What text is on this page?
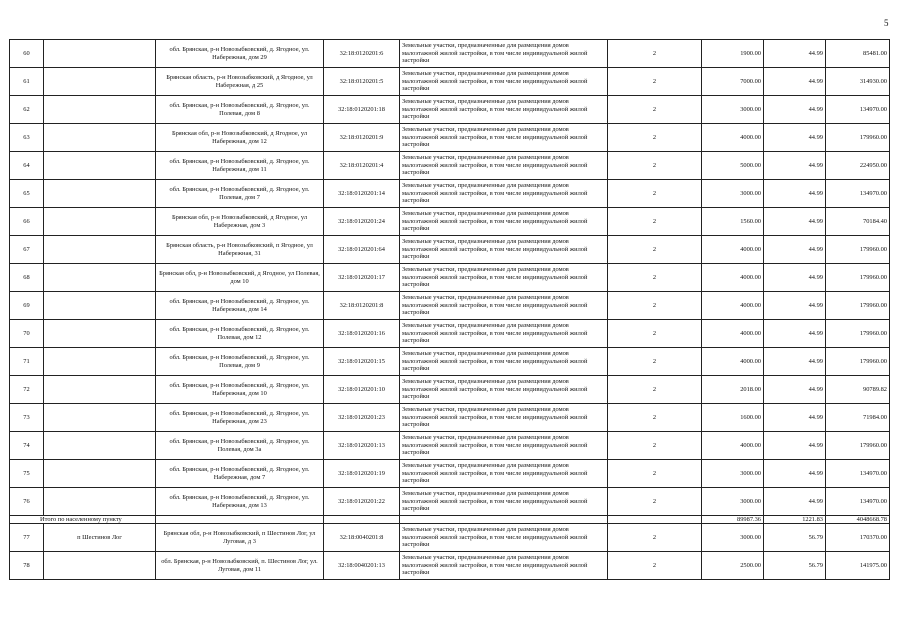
5
60		обл. Брянская, р-н Новозыбковский, д. Ягодное, ул. Набережная, дом 29	32:18:0120201:6	Земельные участки, предназначенные для размещения домов малоэтажной жилой застройки, в том числе индивидуальной жилой застройки	2	1900.00	44.99	85481.00
61		Брянская область, р-н Новозыбковский, д Ягодное, ул Набережная, д 25	32:18:0120201:5	Земельные участки, предназначенные для размещения домов малоэтажной жилой застройки, в том числе индивидуальной жилой застройки	2	7000.00	44.99	314930.00
62		обл. Брянская, р-н Новозыбковский, д. Ягодное, ул. Полевая, дом 8	32:18:0120201:18	Земельные участки, предназначенные для размещения домов малоэтажной жилой застройки, в том числе индивидуальной жилой застройки	2	3000.00	44.99	134970.00
63		Брянская обл, р-н Новозыбковский, д Ягодное, ул Набережная, дом 12	32:18:0120201:9	Земельные участки, предназначенные для размещения домов малоэтажной жилой застройки, в том числе индивидуальной жилой застройки	2	4000.00	44.99	179960.00
64		обл. Брянская, р-н Новозыбковский, д. Ягодное, ул. Набережная, дом 11	32:18:0120201:4	Земельные участки, предназначенные для размещения домов малоэтажной жилой застройки, в том числе индивидуальной жилой застройки	2	5000.00	44.99	224950.00
65		обл. Брянская, р-н Новозыбковский, д. Ягодное, ул. Полевая, дом 7	32:18:0120201:14	Земельные участки, предназначенные для размещения домов малоэтажной жилой застройки, в том числе индивидуальной жилой застройки	2	3000.00	44.99	134970.00
66		Брянская обл, р-н Новозыбковский, д Ягодное, ул Набережная, дом 3	32:18:0120201:24	Земельные участки, предназначенные для размещения домов малоэтажной жилой застройки, в том числе индивидуальной жилой застройки	2	1560.00	44.99	70184.40
67		Брянская область, р-н Новозыбковский, п Ягодное, ул Набережная, 31	32:18:0120201:64	Земельные участки, предназначенные для размещения домов малоэтажной жилой застройки, в том числе индивидуальной жилой застройки	2	4000.00	44.99	179960.00
68		Брянская обл, р-н Новозыбковский, д Ягодное, ул Полевая, дом 10	32:18:0120201:17	Земельные участки, предназначенные для размещения домов малоэтажной жилой застройки, в том числе индивидуальной жилой застройки	2	4000.00	44.99	179960.00
69		обл. Брянская, р-н Новозыбковский, д. Ягодное, ул. Набережная, дом 14	32:18:0120201:8	Земельные участки, предназначенные для размещения домов малоэтажной жилой застройки, в том числе индивидуальной жилой застройки	2	4000.00	44.99	179960.00
70		обл. Брянская, р-н Новозыбковский, д. Ягодное, ул. Полевая, дом 12	32:18:0120201:16	Земельные участки, предназначенные для размещения домов малоэтажной жилой застройки, в том числе индивидуальной жилой застройки	2	4000.00	44.99	179960.00
71		обл. Брянская, р-н Новозыбковский, д. Ягодное, ул. Полевая, дом 9	32:18:0120201:15	Земельные участки, предназначенные для размещения домов малоэтажной жилой застройки, в том числе индивидуальной жилой застройки	2	4000.00	44.99	179960.00
72		обл. Брянская, р-н Новозыбковский, д. Ягодное, ул. Набережная, дом 10	32:18:0120201:10	Земельные участки, предназначенные для размещения домов малоэтажной жилой застройки, в том числе индивидуальной жилой застройки	2	2018.00	44.99	90789.82
73		обл. Брянская, р-н Новозыбковский, д. Ягодное, ул. Набережная, дом 23	32:18:0120201:23	Земельные участки, предназначенные для размещения домов малоэтажной жилой застройки, в том числе индивидуальной жилой застройки	2	1600.00	44.99	71984.00
74		обл. Брянская, р-н Новозыбковский, д. Ягодное, ул. Полевая, дом 3а	32:18:0120201:13	Земельные участки, предназначенные для размещения домов малоэтажной жилой застройки, в том числе индивидуальной жилой застройки	2	4000.00	44.99	179960.00
75		обл. Брянская, р-н Новозыбковский, д. Ягодное, ул. Набережная, дом 7	32:18:0120201:19	Земельные участки, предназначенные для размещения домов малоэтажной жилой застройки, в том числе индивидуальной жилой застройки	2	3000.00	44.99	134970.00
76		обл. Брянская, р-н Новозыбковский, д. Ягодное, ул. Набережная, дом 13	32:18:0120201:22	Земельные участки, предназначенные для размещения домов малоэтажной жилой застройки, в том числе индивидуальной жилой застройки	2	3000.00	44.99	134970.00
Итого по населенному пункту						89987.36	1221.83	4048668.78
77	п Шестинов Лог	Брянская обл, р-н Новозыбковский, п Шестинов Лог, ул Луговая, д 3	32:18:0040201:8	Земельные участки, предназначенные для размещения домов малоэтажной жилой застройки, в том числе индивидуальной жилой застройки	2	3000.00	56.79	170370.00
78		обл. Брянская, р-н Новозыбковский, п. Шестинов Лог, ул. Луговая, дом 11	32:18:0040201:13	Земельные участки, предназначенные для размещения домов малоэтажной жилой застройки, в том числе индивидуальной жилой застройки	2	2500.00	56.79	141975.00
